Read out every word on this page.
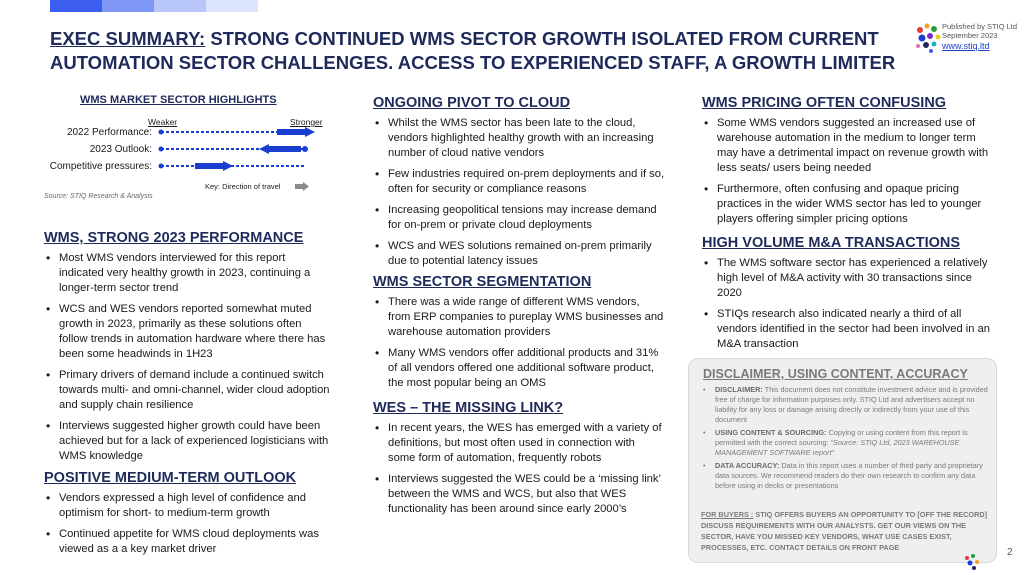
EXEC SUMMARY: STRONG CONTINUED WMS SECTOR GROWTH ISOLATED FROM CURRENT AUTOMATION SECTOR CHALLENGES. ACCESS TO EXPERIENCED STAFF, A GROWTH LIMITER
Published by STIQ Ltd
September 2023
www.stiq.ltd
WMS MARKET SECTOR HIGHLIGHTS
Weaker	Stronger
2022 Performance:
2023 Outlook:
Competitive pressures:
Key: Direction of travel
Source: STIQ Research & Analysis
WMS, STRONG 2023 PERFORMANCE
• Most WMS vendors interviewed for this report indicated very healthy growth in 2023, continuing a longer-term sector trend
• WCS and WES vendors reported somewhat muted growth in 2023, primarily as these solutions often follow trends in automation hardware where there has been some headwinds in 1H23
• Primary drivers of demand include a continued switch towards multi- and omni-channel, wider cloud adoption and supply chain resilience
• Interviews suggested higher growth could have been achieved but for a lack of experienced logisticians with WMS knowledge
POSITIVE MEDIUM-TERM OUTLOOK
• Vendors expressed a high level of confidence and optimism for short- to medium-term growth
• Continued appetite for WMS cloud deployments was viewed as a a key market driver
ONGOING PIVOT TO CLOUD
• Whilst the WMS sector has been late to the cloud, vendors highlighted healthy growth with an increasing number of cloud native vendors
• Few industries required on-prem deployments and if so, often for security or compliance reasons
• Increasing geopolitical tensions may increase demand for on-prem or private cloud deployments
• WCS and WES solutions remained on-prem primarily due to potential latency issues
WMS SECTOR SEGMENTATION
• There was a wide range of different WMS vendors, from ERP companies to pureplay WMS businesses and warehouse automation providers
• Many WMS vendors offer additional products and 31% of all vendors offered one additional software product, the most popular being an OMS
WES – THE MISSING LINK?
• In recent years, the WES has emerged with a variety of definitions, but most often used in connection with some form of automation, frequently robots
• Interviews suggested the WES could be a ‘missing link’ between the WMS and WCS, but also that WES functionality has been around since early 2000’s
WMS PRICING OFTEN CONFUSING
• Some WMS vendors suggested an increased use of warehouse automation in the medium to longer term may have a detrimental impact on revenue growth with less seats/ users being needed
• Furthermore, often confusing and opaque pricing practices in the wider WMS sector has led to younger players offering simpler pricing options
HIGH VOLUME M&A TRANSACTIONS
• The WMS software sector has experienced a relatively high level of M&A activity with 30 transactions since 2020
• STIQs research also indicated nearly a third of all vendors identified in the sector had been involved in an M&A transaction
DISCLAIMER, USING CONTENT, ACCURACY
• DISCLAIMER: This document does not constitute investment advice and is provided free of charge for information purposes only. STIQ Ltd and advertisers accept no liability for any loss or damage arising directly or indirectly from your use of this document
• USING CONTENT & SOURCING: Copying or using content from this report is permitted with the correct sourcing: “Source: STIQ Ltd, 2023 WAREHOUSE MANAGEMENT SOFTWARE report”
• DATA ACCURACY: Data in this report uses a number of third party and proprietary data sources. We recommend readers do their own research to confirm any data before using in decks or presentations
FOR BUYERS : STIQ OFFERS BUYERS AN OPPORTUNITY TO [OFF THE RECORD] DISCUSS REQUIREMENTS WITH OUR ANALYSTS. GET OUR VIEWS ON THE SECTOR, HAVE YOU MISSED KEY VENDORS, WHAT USE CASES EXIST, PROCESSES, ETC. CONTACT DETAILS ON FRONT PAGE	2
